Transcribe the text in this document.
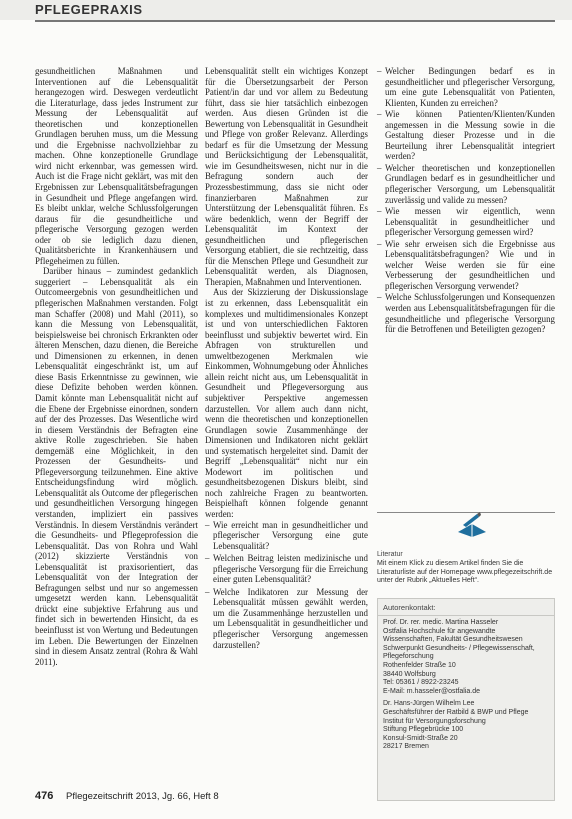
PFLEGEPRAXIS

gesundheitlichen Maßnahmen und Interventionen auf die Lebensqualität herangezogen wird. Deswegen verdeutlicht die Literaturlage, dass jedes Instrument zur Messung der Lebensqualität auf theoretischen und konzeptionellen Grundlagen beruhen muss, um die Messung und die Ergebnisse nachvollziehbar zu machen. Ohne konzeptionelle Grundlage wird nicht erkennbar, was gemessen wird. Auch ist die Frage nicht geklärt, was mit den Ergebnissen zur Lebensqualitätsbefragungen in Gesundheit und Pflege angefangen wird. Es bleibt unklar, welche Schlussfolgerungen daraus für die gesundheitliche und pflegerische Versorgung gezogen werden oder ob sie lediglich dazu dienen, Qualitätsberichte in Krankenhäusern und Pflegeheimen zu füllen.

Darüber hinaus – zumindest gedanklich suggeriert – Lebensqualität als ein Outcomeergebnis von gesundheitlichen und pflegerischen Maßnahmen verstanden. Folgt man Schaffer (2008) und Mahl (2011), so kann die Messung von Lebensqualität, beispielsweise bei chronisch Erkrankten oder älteren Menschen, dazu dienen, die Bereiche und Dimensionen zu erkennen, in denen Lebensqualität eingeschränkt ist, um auf diese Basis Erkenntnisse zu gewinnen, wie diese Defizite behoben werden können. Damit könnte man Lebensqualität nicht auf die Ebene der Ergebnisse einordnen, sondern auf der des Prozesses. Das Wesentliche wird in diesem Verständnis der Befragten eine aktive Rolle zugeschrieben. Sie haben demgemäß eine Möglichkeit, in den Prozessen der Gesundheits- und Pflegeversorgung teilzunehmen. Eine aktive Entscheidungsfindung wird möglich. Lebensqualität als Outcome der pflegerischen und gesundheitlichen Versorgung hingegen verstanden, impliziert ein passives Verständnis. In diesem Verständnis verändert die Gesundheits- und Pflegeprofession die Lebensqualität. Das von Rohra und Wahl (2012) skizzierte Verständnis von Lebensqualität ist praxisorientiert, das Lebensqualität von der Integration der Befragungen selbst und nur so angemessen umgesetzt werden kann. Lebensqualität drückt eine subjektive Erfahrung aus und findet sich in bewertenden Hinsicht, da es beeinflusst ist von Wertung und Bedeutungen im Leben. Die Bewertungen der Einzelnen sind in diesem Ansatz zentral (Rohra & Wahl 2011).

Lebensqualität stellt ein wichtiges Konzept für die Übersetzungsarbeit der Person Patient/in dar und vor allem zu Bedeutung führt, dass sie hier tatsächlich einbezogen werden. Aus diesen Gründen ist die Bewertung von Lebensqualität in Gesundheit und Pflege von großer Relevanz. Allerdings bedarf es für die Umsetzung der Messung und Berücksichtigung der Lebensqualität, wie im Gesundheitswesen, nicht nur in die Befragung sondern auch der Prozessbestimmung, dass sie nicht oder finanzierbaren Maßnahmen zur Unterstützung der Lebensqualität führen. Es wäre bedenklich, wenn der Begriff der Lebensqualität im Kontext der gesundheitlichen und pflegerischen Versorgung etabliert, die sie rechtzeitig, dass für die Menschen Pflege und Gesundheit zur Lebensqualität werden, als Diagnosen, Therapien, Maßnahmen und Interventionen.

Aus der Skizzierung der Diskussionslage ist zu erkennen, dass Lebensqualität ein komplexes und multidimensionales Konzept ist und von unterschiedlichen Faktoren beeinflusst und subjektiv bewertet wird. Ein Abfragen von strukturellen und umweltbezogenen Merkmalen wie Einkommen, Wohnumgebung oder Ähnliches allein reicht nicht aus, um Lebensqualität in Gesundheit und Pflegeversorgung aus subjektiver Perspektive angemessen darzustellen. Vor allem auch dann nicht, wenn die theoretischen und konzeptionellen Grundlagen sowie Zusammenhänge der Dimensionen und Indikatoren nicht geklärt und systematisch hergeleitet sind. Damit der Begriff „Lebensqualität“ nicht nur ein Modewort im politischen und gesundheitsbezogenen Diskurs bleibt, sind noch zahlreiche Fragen zu beantworten. Beispielhaft können folgende genannt werden:

– Wie erreicht man in gesundheitlicher und pflegerischer Versorgung eine gute Lebensqualität?
– Welchen Beitrag leisten medizinische und pflegerische Versorgung für die Erreichung einer guten Lebensqualität?
– Welche Indikatoren zur Messung der Lebensqualität müssen gewählt werden, um die Zusammenhänge herzustellen und um Lebensqualität in gesundheitlicher und pflegerischer Versorgung angemessen darzustellen?
– Welcher Bedingungen bedarf es in gesundheitlicher und pflegerischer Versorgung, um eine gute Lebensqualität von Patienten, Klienten, Kunden zu erreichen?
– Wie können Patienten/Klienten/Kunden angemessen in die Messung sowie in die Gestaltung dieser Prozesse und in die Beurteilung ihrer Lebensqualität integriert werden?
– Welcher theoretischen und konzeptionellen Grundlagen bedarf es in gesundheitlicher und pflegerischer Versorgung, um Lebensqualität zuverlässig und valide zu messen?
– Wie messen wir eigentlich, wenn Lebensqualität in gesundheitlicher und pflegerischer Versorgung gemessen wird?
– Wie sehr erweisen sich die Ergebnisse aus Lebensqualitätsbefragungen? Wie und in welcher Weise werden sie für eine Verbesserung der gesundheitlichen und pflegerischen Versorgung verwendet?
– Welche Schlussfolgerungen und Konsequenzen werden aus Lebensqualitätsbefragungen für die gesundheitliche und pflegerische Versorgung für die Betroffenen und Beteiligten gezogen?
Literatur
Mit einem Klick zu diesem Artikel finden Sie die Literaturliste auf der Homepage www.pflegezeitschrift.de unter der Rubrik „Aktuelles Heft“.
Autorenkontakt:
Prof. Dr. rer. medic. Martina Hasseler
Ostfalia Hochschule für angewandte
Wissenschaften, Fakultät Gesundheitswesen
Schwerpunkt Gesundheits- / Pflegewissenschaft, Pflegeforschung
Rothenfelder Straße 10
38440 Wolfsburg
Tel: 05361 / 8922-23245
E-Mail: m.hasseler@ostfalia.de
Dr. Hans-Jürgen Wilhelm Lee
Geschäftsführer der Ratbild & BWP und Pflege
Institut für Versorgungsforschung
Stiftung Pflegebrücke 100
Konsul-Smidt-Straße 20
28217 Bremen
476 Pflegezeitschrift 2013, Jg. 66, Heft 8
